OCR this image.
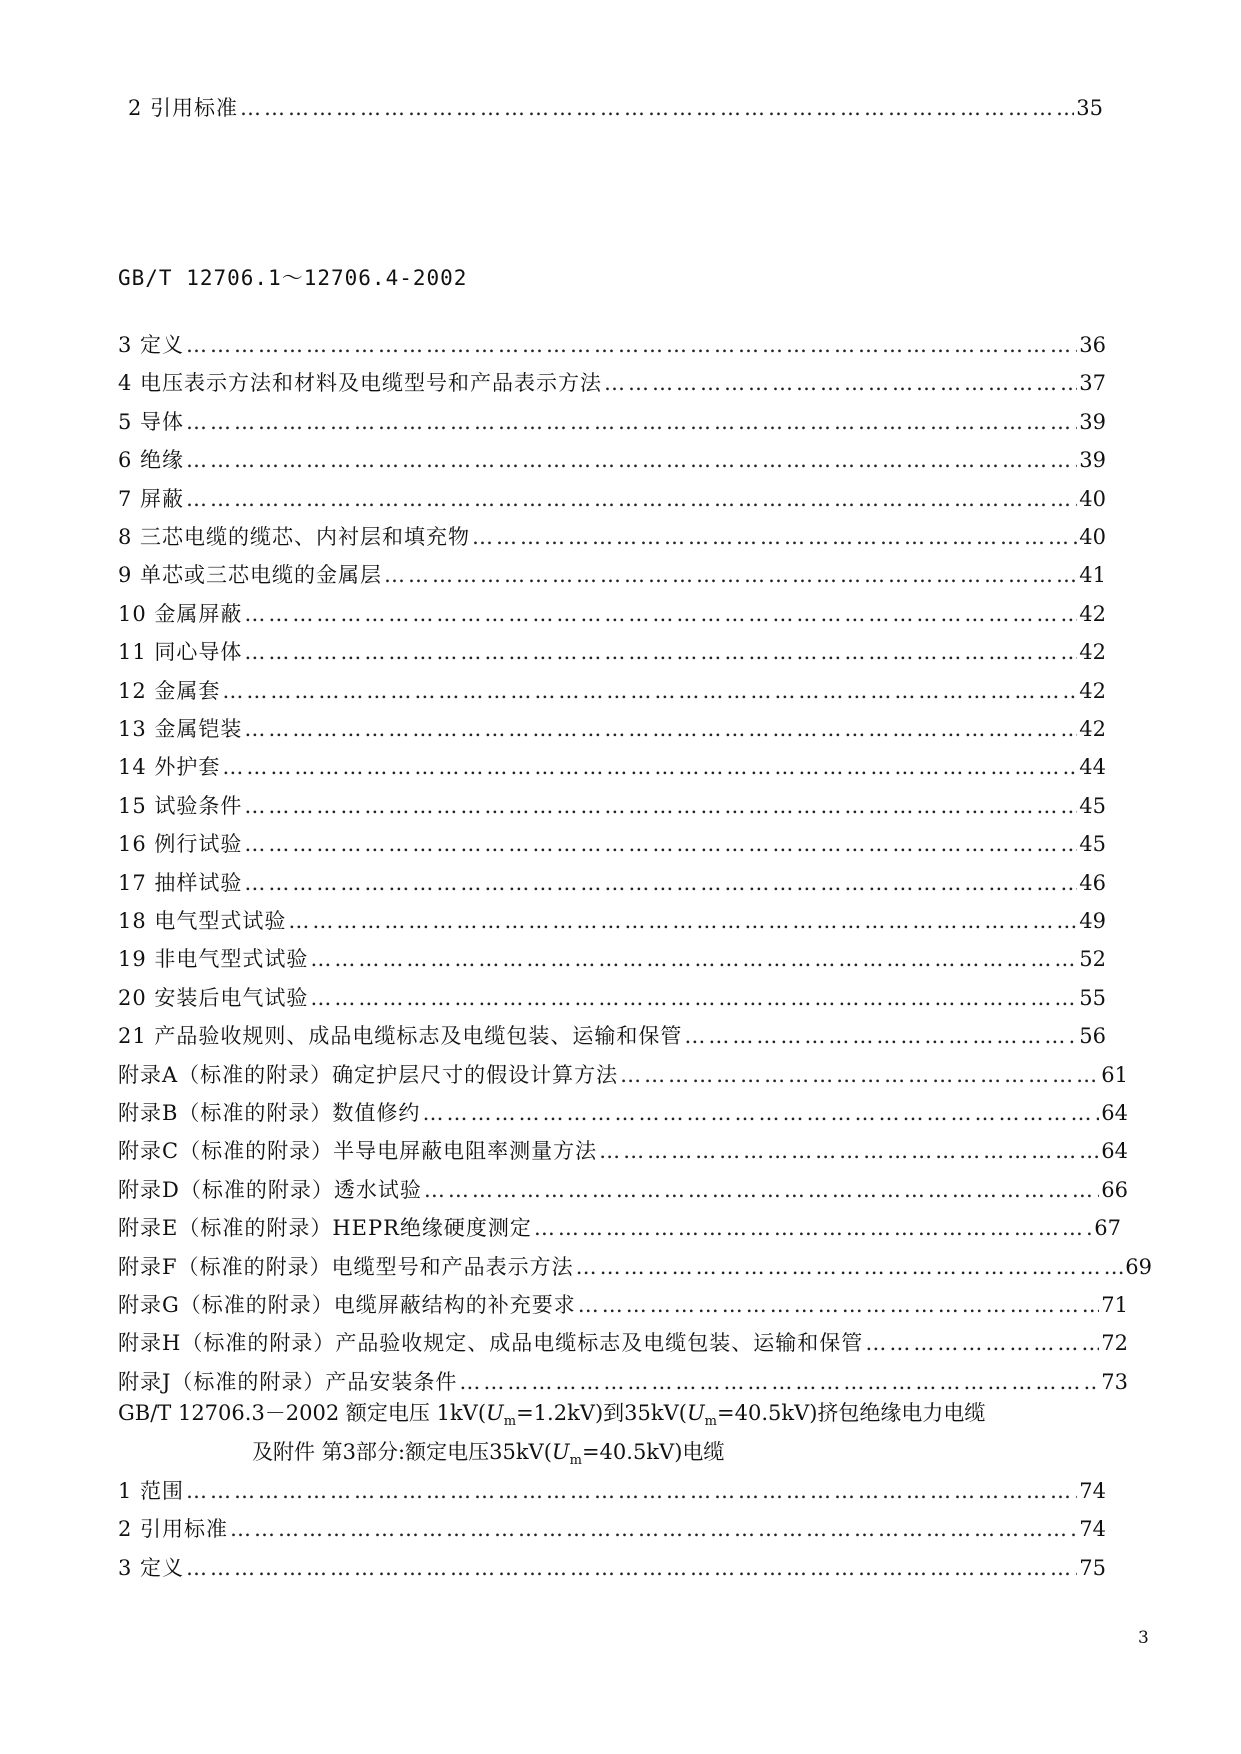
2 引用标准 …………………………………………………………………………………………………………………………………………………………………………………………………………………………………………	35
GB/T 12706.1～12706.4-2002
3 定义 …………………………………………………………………………………………………………………………………………………………………………………………………………………………………………	36
4 电压表示方法和材料及电缆型号和产品表示方法 …………………………………………………………………………………………………………………………………………………………………………………………………………………………………………	37
5 导体 …………………………………………………………………………………………………………………………………………………………………………………………………………………………………………	39
6 绝缘 …………………………………………………………………………………………………………………………………………………………………………………………………………………………………………	39
7 屏蔽 …………………………………………………………………………………………………………………………………………………………………………………………………………………………………………	40
8 三芯电缆的缆芯、内衬层和填充物 …………………………………………………………………………………………………………………………………………………………………………………………………………………………………………	40
9 单芯或三芯电缆的金属层 …………………………………………………………………………………………………………………………………………………………………………………………………………………………………………	41
10 金属屏蔽 …………………………………………………………………………………………………………………………………………………………………………………………………………………………………………	42
11 同心导体 …………………………………………………………………………………………………………………………………………………………………………………………………………………………………………	42
12 金属套 …………………………………………………………………………………………………………………………………………………………………………………………………………………………………………	42
13 金属铠装 …………………………………………………………………………………………………………………………………………………………………………………………………………………………………………	42
14 外护套 …………………………………………………………………………………………………………………………………………………………………………………………………………………………………………	44
15 试验条件 …………………………………………………………………………………………………………………………………………………………………………………………………………………………………………	45
16 例行试验 …………………………………………………………………………………………………………………………………………………………………………………………………………………………………………	45
17 抽样试验 …………………………………………………………………………………………………………………………………………………………………………………………………………………………………………	46
18 电气型式试验 …………………………………………………………………………………………………………………………………………………………………………………………………………………………………………	49
19 非电气型式试验 …………………………………………………………………………………………………………………………………………………………………………………………………………………………………………	52
20 安装后电气试验 …………………………………………………………………………………………………………………………………………………………………………………………………………………………………………	55
21 产品验收规则、成品电缆标志及电缆包装、运输和保管 …………………………………………………………………………………………………………………………………………………………………………………………………………………………………………	56
附录A（标准的附录）确定护层尺寸的假设计算方法 …………………………………………………………………………………………………………………………………………………………………………………………………………………………………………	61
附录B（标准的附录）数值修约 …………………………………………………………………………………………………………………………………………………………………………………………………………………………………………	64
附录C（标准的附录）半导电屏蔽电阻率测量方法 …………………………………………………………………………………………………………………………………………………………………………………………………………………………………………	64
附录D（标准的附录）透水试验 …………………………………………………………………………………………………………………………………………………………………………………………………………………………………………	66
附录E（标准的附录）HEPR绝缘硬度测定 …………………………………………………………………………………………………………………………………………………………………………………………………………………………………………	67
附录F（标准的附录）电缆型号和产品表示方法 …………………………………………………………………………………………………………………………………………………………………………………………………………………………………………	69
附录G（标准的附录）电缆屏蔽结构的补充要求 …………………………………………………………………………………………………………………………………………………………………………………………………………………………………………	71
附录H（标准的附录）产品验收规定、成品电缆标志及电缆包装、运输和保管 …………………………………………………………………………………………………………………………………………………………………………………………………………………………………………	72
附录J（标准的附录）产品安装条件 …………………………………………………………………………………………………………………………………………………………………………………………………………………………………………	73
GB/T 12706.3－2002 额定电压 $1kV(U_m=1.2kV)$到$35kV(U_m=40.5kV)$挤包绝缘电力电缆
及附件 第3部分:额定电压$35kV(U_m=40.5kV)$电缆
1 范围 …………………………………………………………………………………………………………………………………………………………………………………………………………………………………………	74
2 引用标准 …………………………………………………………………………………………………………………………………………………………………………………………………………………………………………	74
3 定义 …………………………………………………………………………………………………………………………………………………………………………………………………………………………………………	75
3
